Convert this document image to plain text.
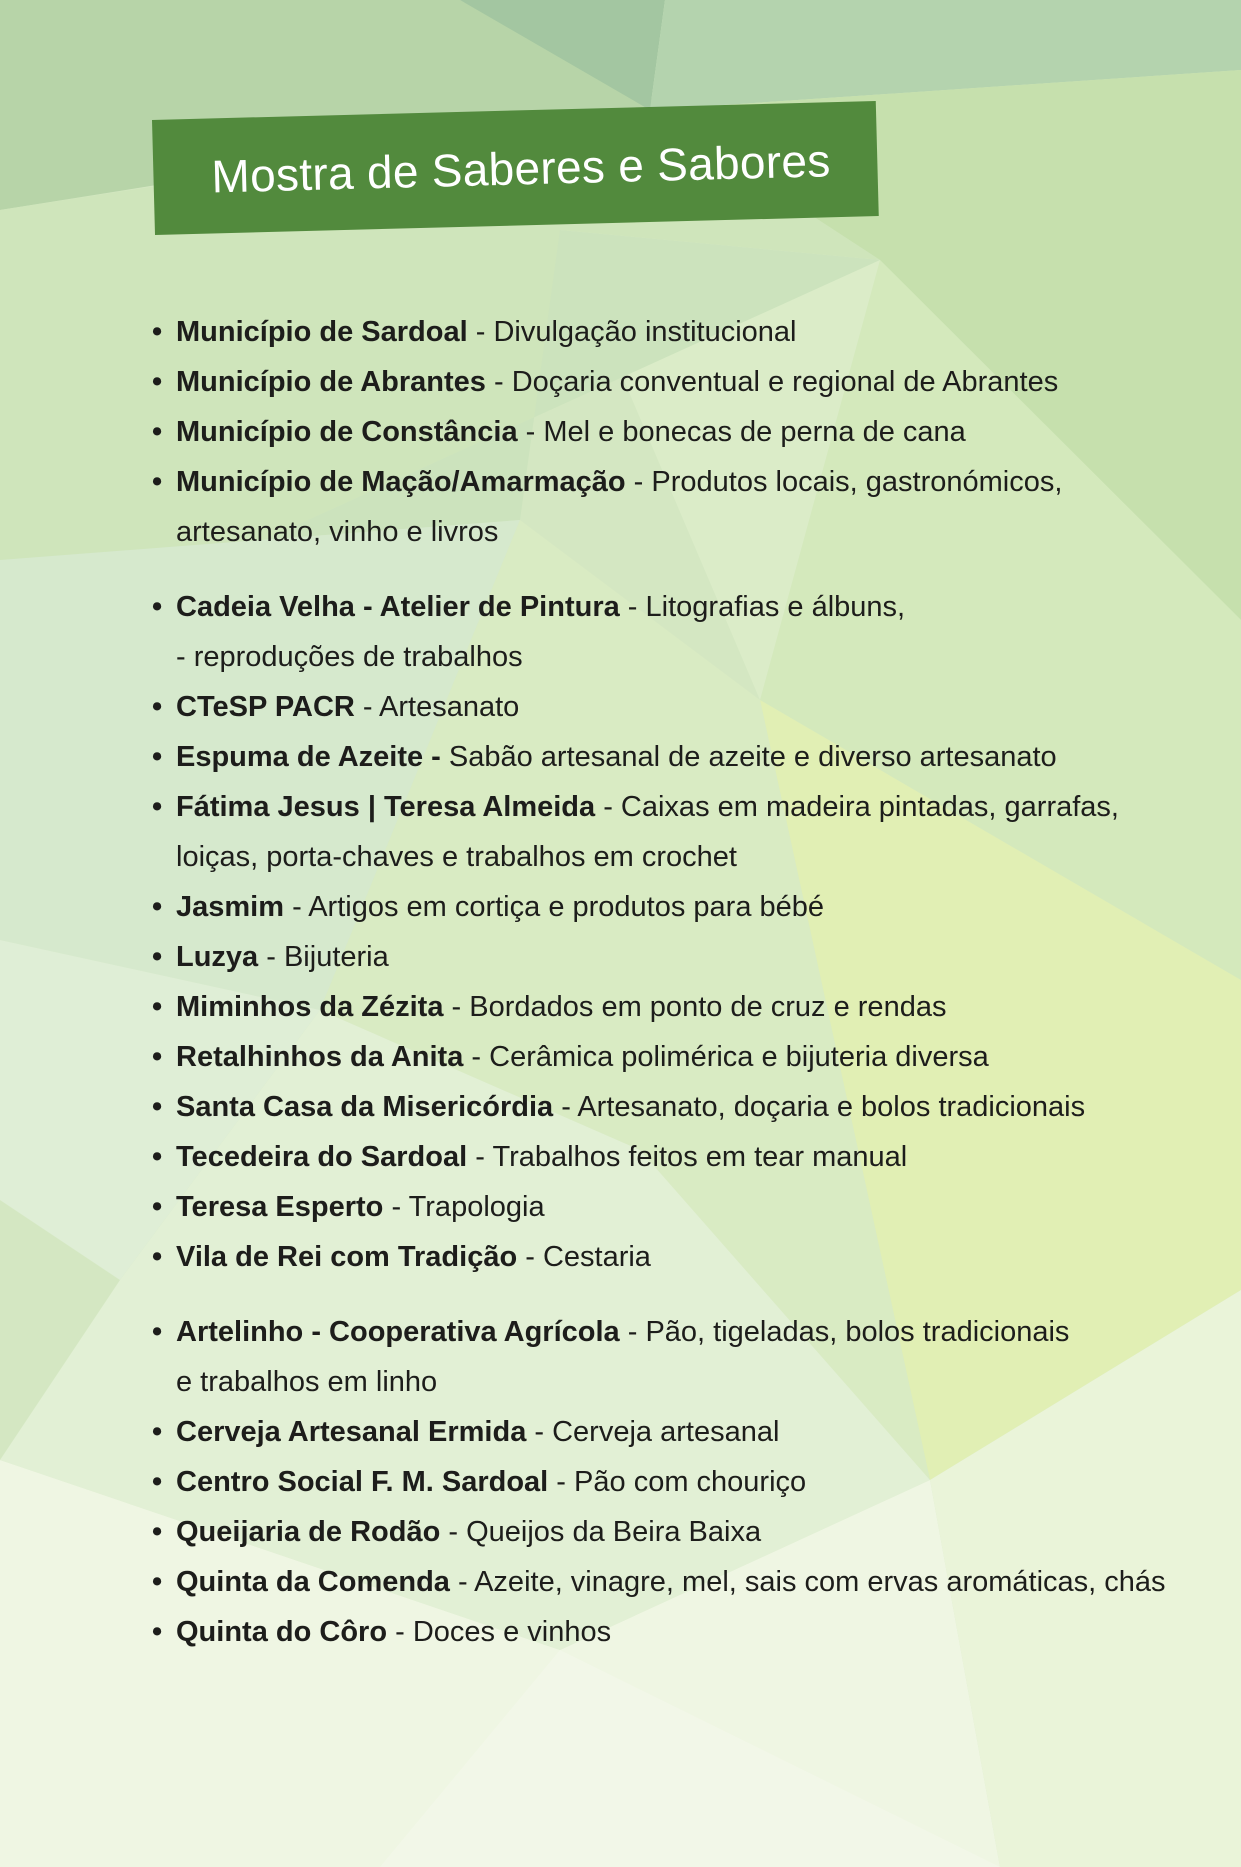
Mostra de Saberes e Sabores
• Município de Sardoal - Divulgação institucional
• Município de Abrantes - Doçaria conventual e regional de Abrantes
• Município de Constância - Mel e bonecas de perna de cana
• Município de Mação/Amarmação - Produtos locais, gastronómicos,
artesanato, vinho e livros
• Cadeia Velha - Atelier de Pintura - Litografias e álbuns,
- reproduções de trabalhos
• CTeSP PACR - Artesanato
• Espuma de Azeite - Sabão artesanal de azeite e diverso artesanato
• Fátima Jesus | Teresa Almeida - Caixas em madeira pintadas, garrafas,
loiças, porta-chaves e trabalhos em crochet
• Jasmim - Artigos em cortiça e produtos para bébé
• Luzya - Bijuteria
• Miminhos da Zézita - Bordados em ponto de cruz e rendas
• Retalhinhos da Anita - Cerâmica polimérica e bijuteria diversa
• Santa Casa da Misericórdia - Artesanato, doçaria e bolos tradicionais
• Tecedeira do Sardoal - Trabalhos feitos em tear manual
• Teresa Esperto - Trapologia
• Vila de Rei com Tradição - Cestaria
• Artelinho - Cooperativa Agrícola - Pão, tigeladas, bolos tradicionais
e trabalhos em linho
• Cerveja Artesanal Ermida - Cerveja artesanal
• Centro Social F. M. Sardoal - Pão com chouriço
• Queijaria de Rodão - Queijos da Beira Baixa
• Quinta da Comenda - Azeite, vinagre, mel, sais com ervas aromáticas, chás
• Quinta do Côro - Doces e vinhos
